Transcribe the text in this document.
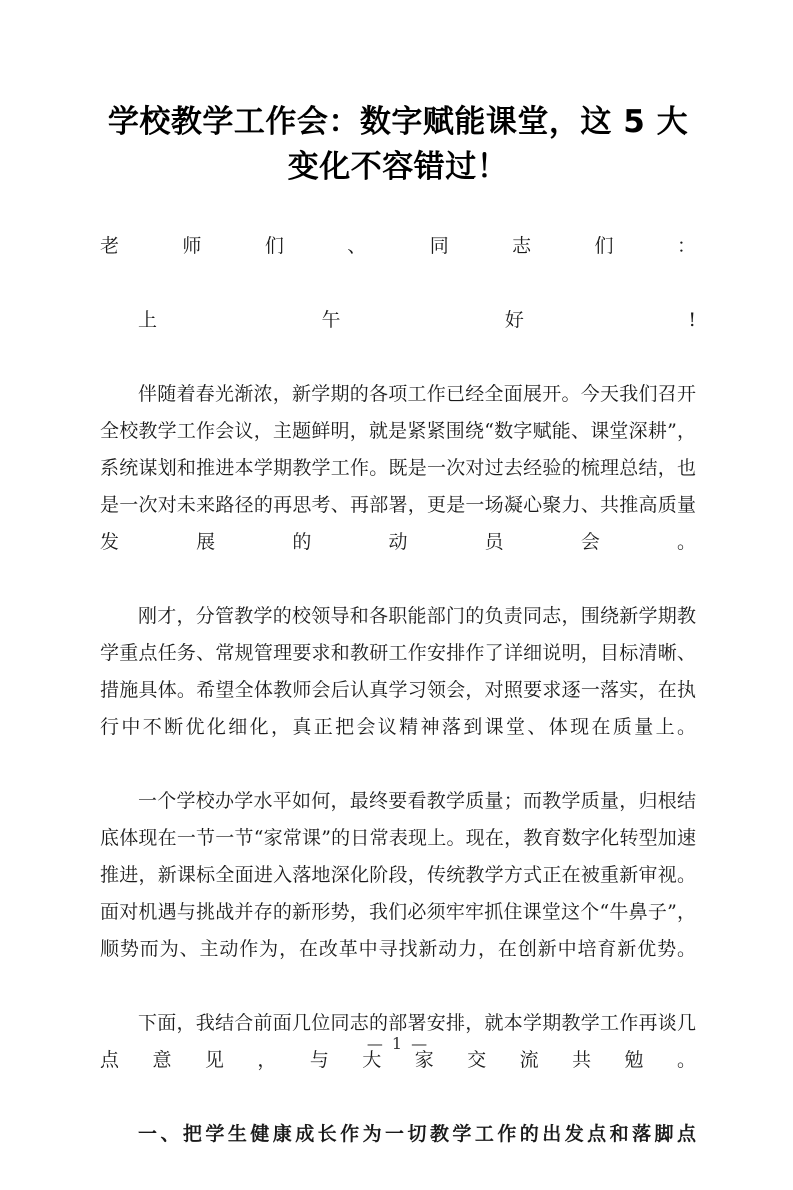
学校教学工作会：数字赋能课堂，这 5 大
变化不容错过！

老师们、同志们：

上午好!

伴随着春光渐浓，新学期的各项工作已经全面展开。今天我们召开全校教学工作会议，主题鲜明，就是紧紧围绕“数字赋能、课堂深耕”，系统谋划和推进本学期教学工作。既是一次对过去经验的梳理总结，也是一次对未来路径的再思考、再部署，更是一场凝心聚力、共推高质量发展的动员会。

刚才，分管教学的校领导和各职能部门的负责同志，围绕新学期教学重点任务、常规管理要求和教研工作安排作了详细说明，目标清晰、措施具体。希望全体教师会后认真学习领会，对照要求逐一落实，在执行中不断优化细化，真正把会议精神落到课堂、体现在质量上。

一个学校办学水平如何，最终要看教学质量；而教学质量，归根结底体现在一节一节“家常课”的日常表现上。现在，教育数字化转型加速推进，新课标全面进入落地深化阶段，传统教学方式正在被重新审视。面对机遇与挑战并存的新形势，我们必须牢牢抓住课堂这个“牛鼻子”，顺势而为、主动作为，在改革中寻找新动力，在创新中培育新优势。

下面，我结合前面几位同志的部署安排，就本学期教学工作再谈几点意见，与大家交流共勉。

一、把学生健康成长作为一切教学工作的出发点和落脚点

— 1 —
